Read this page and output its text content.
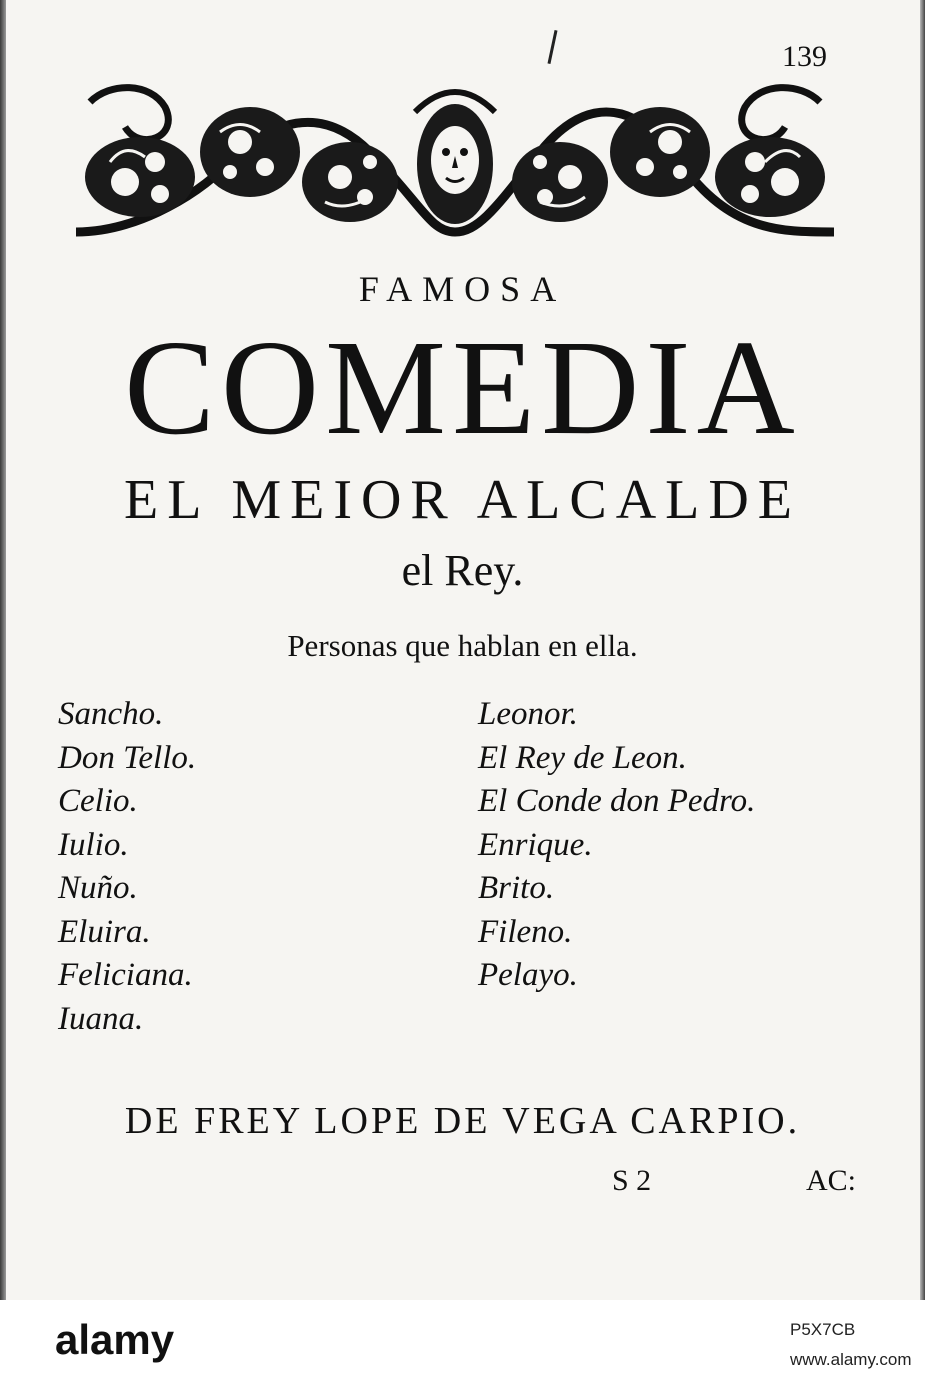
139
FAMOSA
COMEDIA
EL MEIOR ALCALDE
el Rey.
Personas que hablan en ella.
Sancho.
Don Tello.
Celio.
Iulio.
Nuño.
Eluira.
Feliciana.
Iuana.
Leonor.
El Rey de Leon.
El Conde don Pedro.
Enrique.
Brito.
Fileno.
Pelayo.
DE FREY LOPE DE VEGA CARPIO.
S 2	AC:
alamy	P5X7CB
www.alamy.com
